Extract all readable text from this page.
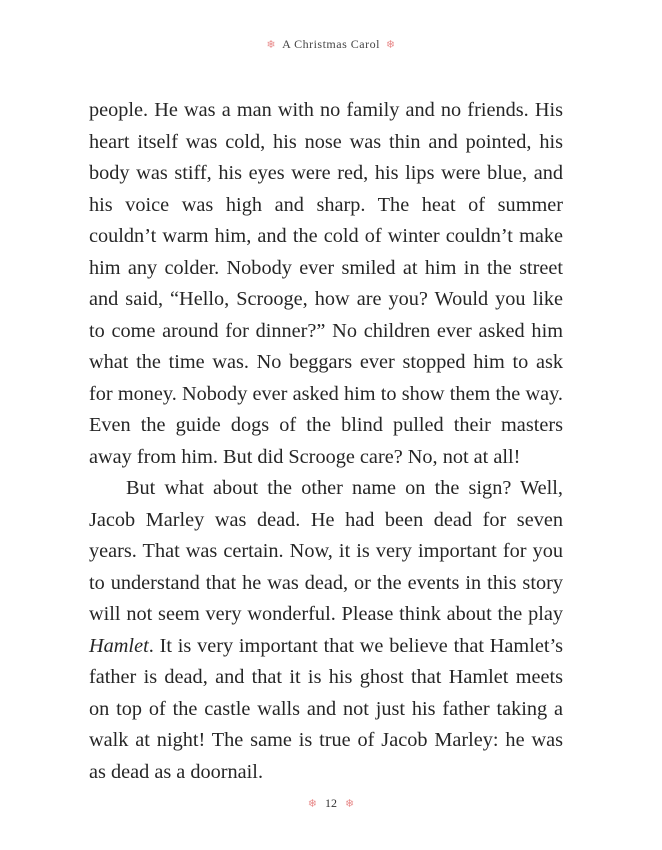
❄ A Christmas Carol ❄

people. He was a man with no family and no friends. His heart itself was cold, his nose was thin and pointed, his body was stiff, his eyes were red, his lips were blue, and his voice was high and sharp. The heat of summer couldn’t warm him, and the cold of winter couldn’t make him any colder. Nobody ever smiled at him in the street and said, “Hello, Scrooge, how are you? Would you like to come around for dinner?” No children ever asked him what the time was. No beggars ever stopped him to ask for money. Nobody ever asked him to show them the way. Even the guide dogs of the blind pulled their masters away from him. But did Scrooge care? No, not at all!

But what about the other name on the sign? Well, Jacob Marley was dead. He had been dead for seven years. That was certain. Now, it is very important for you to understand that he was dead, or the events in this story will not seem very wonderful. Please think about the play Hamlet. It is very important that we believe that Hamlet’s father is dead, and that it is his ghost that Hamlet meets on top of the castle walls and not just his father taking a walk at night! The same is true of Jacob Marley: he was as dead as a doornail.

❄ 12 ❄
